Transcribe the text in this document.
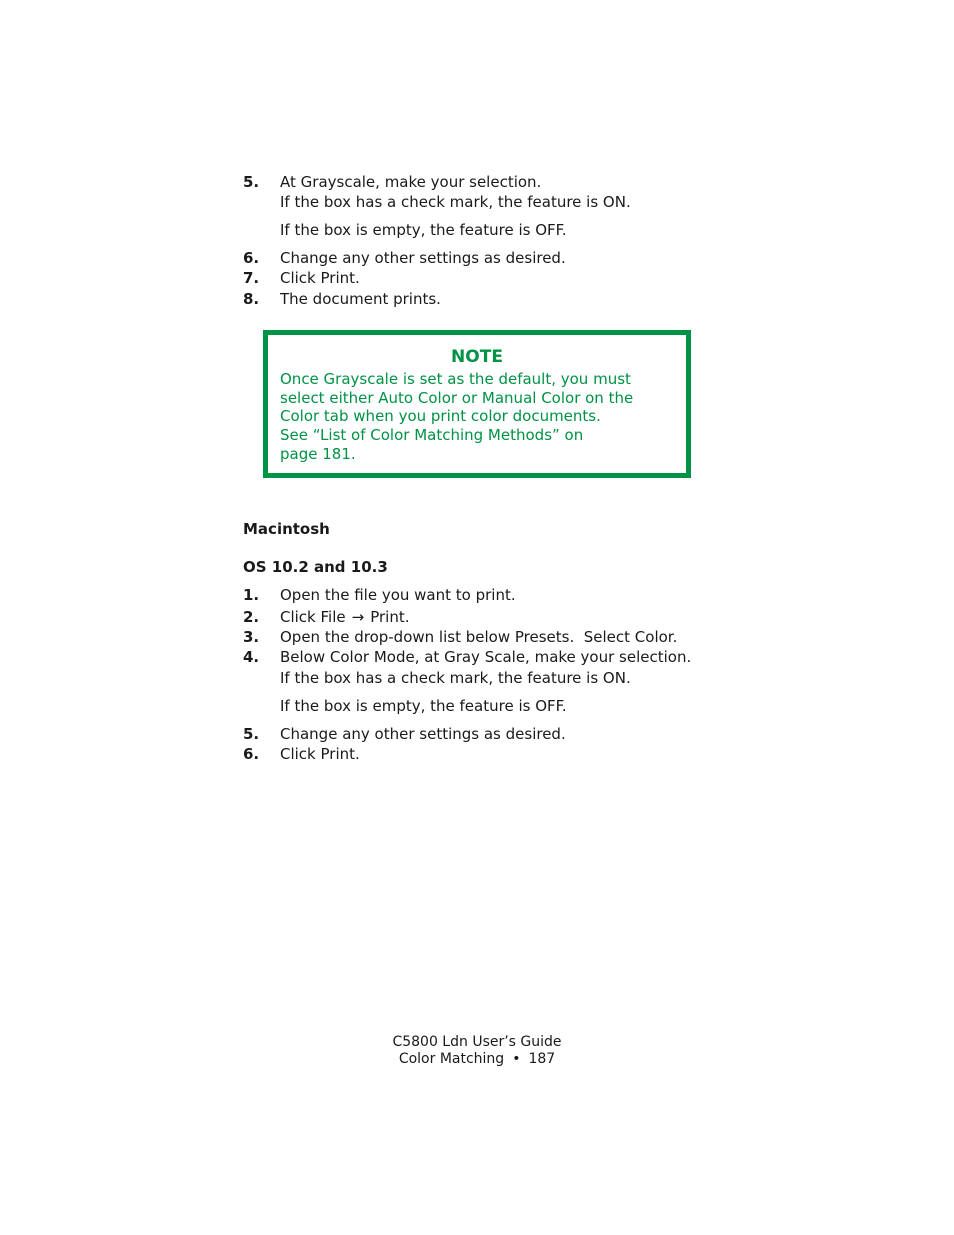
5. At Grayscale, make your selection.
If the box has a check mark, the feature is ON.
If the box is empty, the feature is OFF.
6. Change any other settings as desired.
7. Click Print.
8. The document prints.
NOTE
Once Grayscale is set as the default, you must
select either Auto Color or Manual Color on the
Color tab when you print color documents.
See “List of Color Matching Methods” on
page 181.
Macintosh
OS 10.2 and 10.3
1. Open the file you want to print.
2. Click File → Print.
3. Open the drop-down list below Presets.  Select Color.
4. Below Color Mode, at Gray Scale, make your selection.
If the box has a check mark, the feature is ON.
If the box is empty, the feature is OFF.
5. Change any other settings as desired.
6. Click Print.
C5800 Ldn User’s Guide
Color Matching • 187
